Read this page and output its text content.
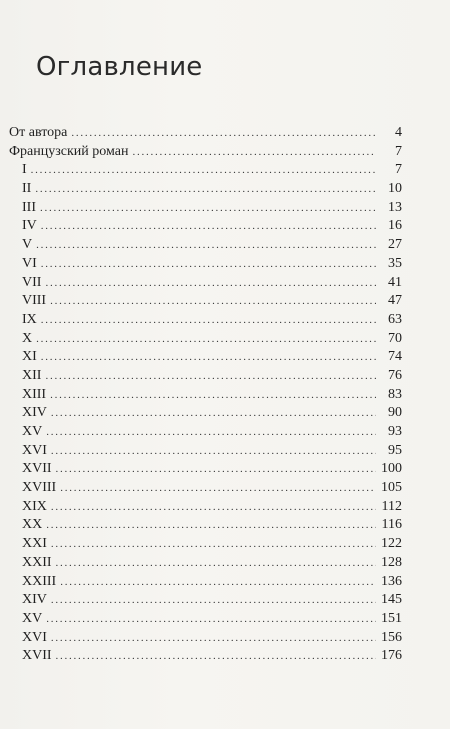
Оглавление
От автора . . .	4
Французский роман . . .	7
I . . .	7
II . . .	10
III . . .	13
IV . . .	16
V . . .	27
VI . . .	35
VII . . .	41
VIII . . .	47
IX . . .	63
X . . .	70
XI . . .	74
XII . . .	76
XIII . . .	83
XIV . . .	90
XV . . .	93
XVI . . .	95
XVII . . .	100
XVIII . . .	105
XIX . . .	112
XX . . .	116
XXI . . .	122
XXII . . .	128
XXIII . . .	136
XIV . . .	145
XV . . .	151
XVI . . .	156
XVII . . .	176
